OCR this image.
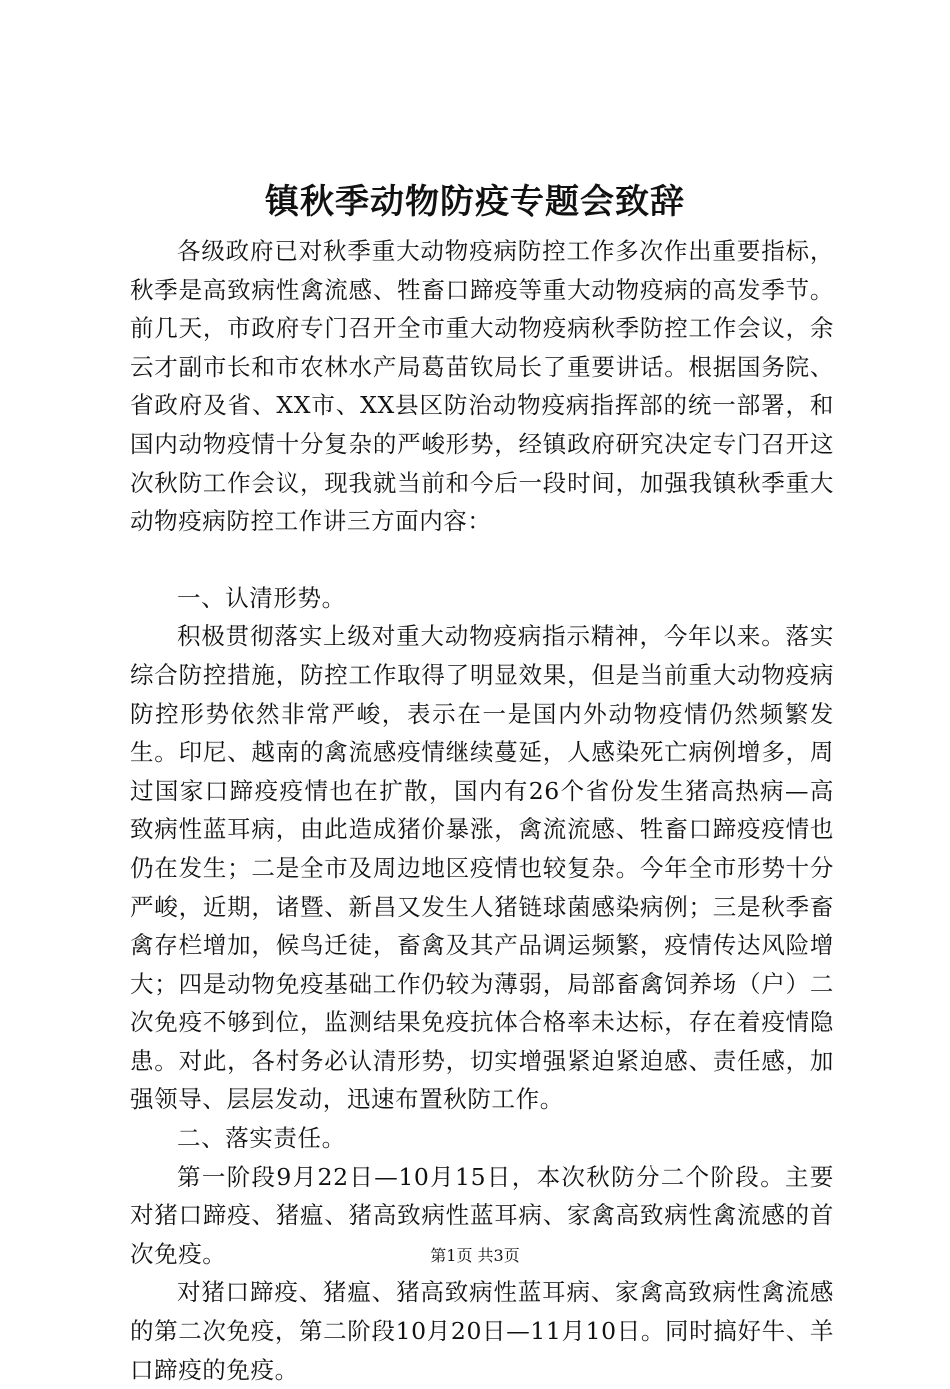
镇秋季动物防疫专题会致辞

各级政府已对秋季重大动物疫病防控工作多次作出重要指标，秋季是高致病性禽流感、牲畜口蹄疫等重大动物疫病的高发季节。前几天，市政府专门召开全市重大动物疫病秋季防控工作会议，余云才副市长和市农林水产局葛苗钦局长了重要讲话。根据国务院、省政府及省、XX市、XX县区防治动物疫病指挥部的统一部署，和国内动物疫情十分复杂的严峻形势，经镇政府研究决定专门召开这次秋防工作会议，现我就当前和今后一段时间，加强我镇秋季重大动物疫病防控工作讲三方面内容：

一、认清形势。

积极贯彻落实上级对重大动物疫病指示精神，今年以来。落实综合防控措施，防控工作取得了明显效果，但是当前重大动物疫病防控形势依然非常严峻，表示在一是国内外动物疫情仍然频繁发生。印尼、越南的禽流感疫情继续蔓延，人感染死亡病例增多，周过国家口蹄疫疫情也在扩散，国内有26个省份发生猪高热病—高致病性蓝耳病，由此造成猪价暴涨，禽流流感、牲畜口蹄疫疫情也仍在发生；二是全市及周边地区疫情也较复杂。今年全市形势十分严峻，近期，诸暨、新昌又发生人猪链球菌感染病例；三是秋季畜禽存栏增加，候鸟迁徒，畜禽及其产品调运频繁，疫情传达风险增大；四是动物免疫基础工作仍较为薄弱，局部畜禽饲养场（户）二次免疫不够到位，监测结果免疫抗体合格率未达标，存在着疫情隐患。对此，各村务必认清形势，切实增强紧迫紧迫感、责任感，加强领导、层层发动，迅速布置秋防工作。

二、落实责任。

第一阶段9月22日—10月15日，本次秋防分二个阶段。主要对猪口蹄疫、猪瘟、猪高致病性蓝耳病、家禽高致病性禽流感的首次免疫。

对猪口蹄疫、猪瘟、猪高致病性蓝耳病、家禽高致病性禽流感的第二次免疫，第二阶段10月20日—11月10日。同时搞好牛、羊口蹄疫的免疫。

第1页 共3页
